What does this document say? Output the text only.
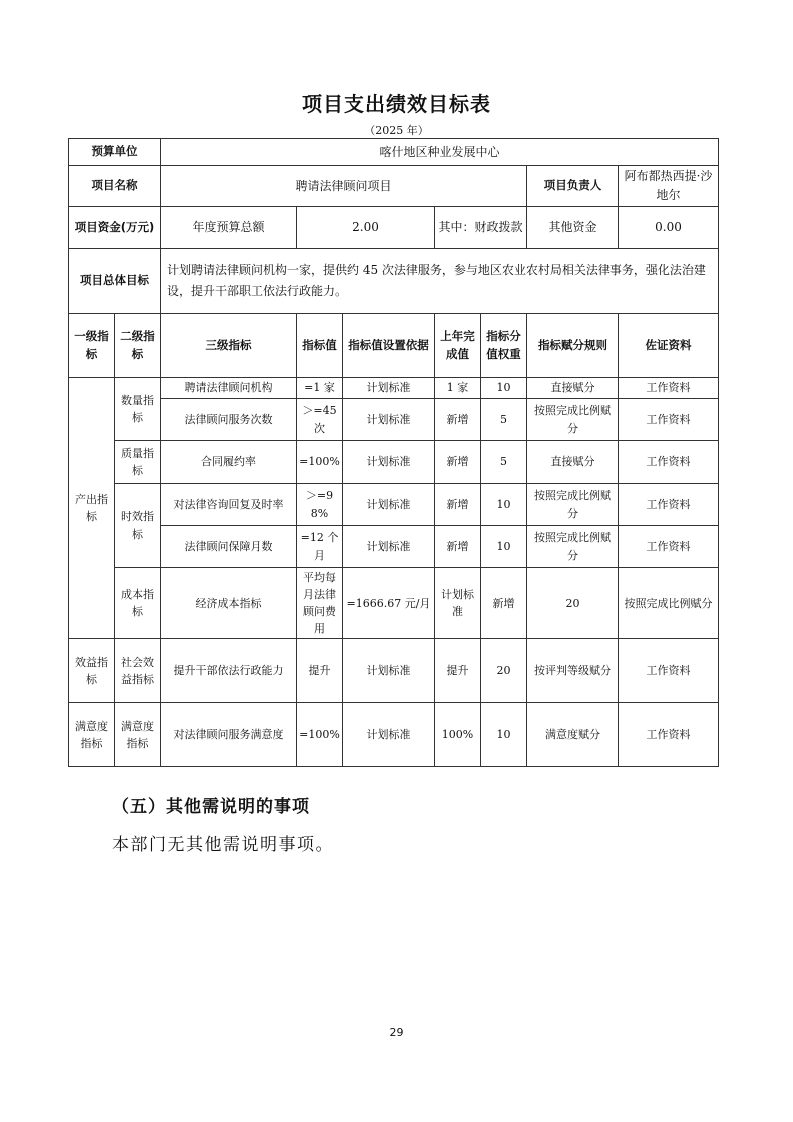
项目支出绩效目标表
（2025 年）
预算单位		喀什地区种业发展中心							
项目名称		聘请法律顾问项目					项目负责人	阿布都热西提·沙地尔	
项目资金(万元)		年度预算总额	2.00		其中：财政拨款		其他资金	0.00	
项目总体目标		计划聘请法律顾问机构一家，提供约 45 次法律服务，参与地区农业农村局相关法律事务，强化法治建设，提升干部职工依法行政能力。							
一级指标	二级指标	三级指标	指标值	指标值设置依据	上年完成值	指标分值权重	指标赋分规则	佐证资料	
产出指标	数量指标	聘请法律顾问机构	=1 家	计划标准	1 家	10	直接赋分	工作资料	
		法律顾问服务次数	＞=45 次	计划标准	新增	5	按照完成比例赋分	工作资料	
	质量指标	合同履约率	=100%	计划标准	新增	5	直接赋分	工作资料	
	时效指标	对法律咨询回复及时率	＞=98%	计划标准	新增	10	按照完成比例赋分	工作资料	
		法律顾问保障月数	=12 个月	计划标准	新增	10	按照完成比例赋分	工作资料	
	成本指标	经济成本指标	平均每月法律顾问费用	=1666.67 元/月	计划标准	新增	20	按照完成比例赋分	
效益指标	社会效益指标	提升干部依法行政能力	提升	计划标准	提升	20	按评判等级赋分	工作资料	
满意度指标	满意度指标	对法律顾问服务满意度	=100%	计划标准	100%	10	满意度赋分	工作资料	
（五）其他需说明的事项
本部门无其他需说明事项。
29
